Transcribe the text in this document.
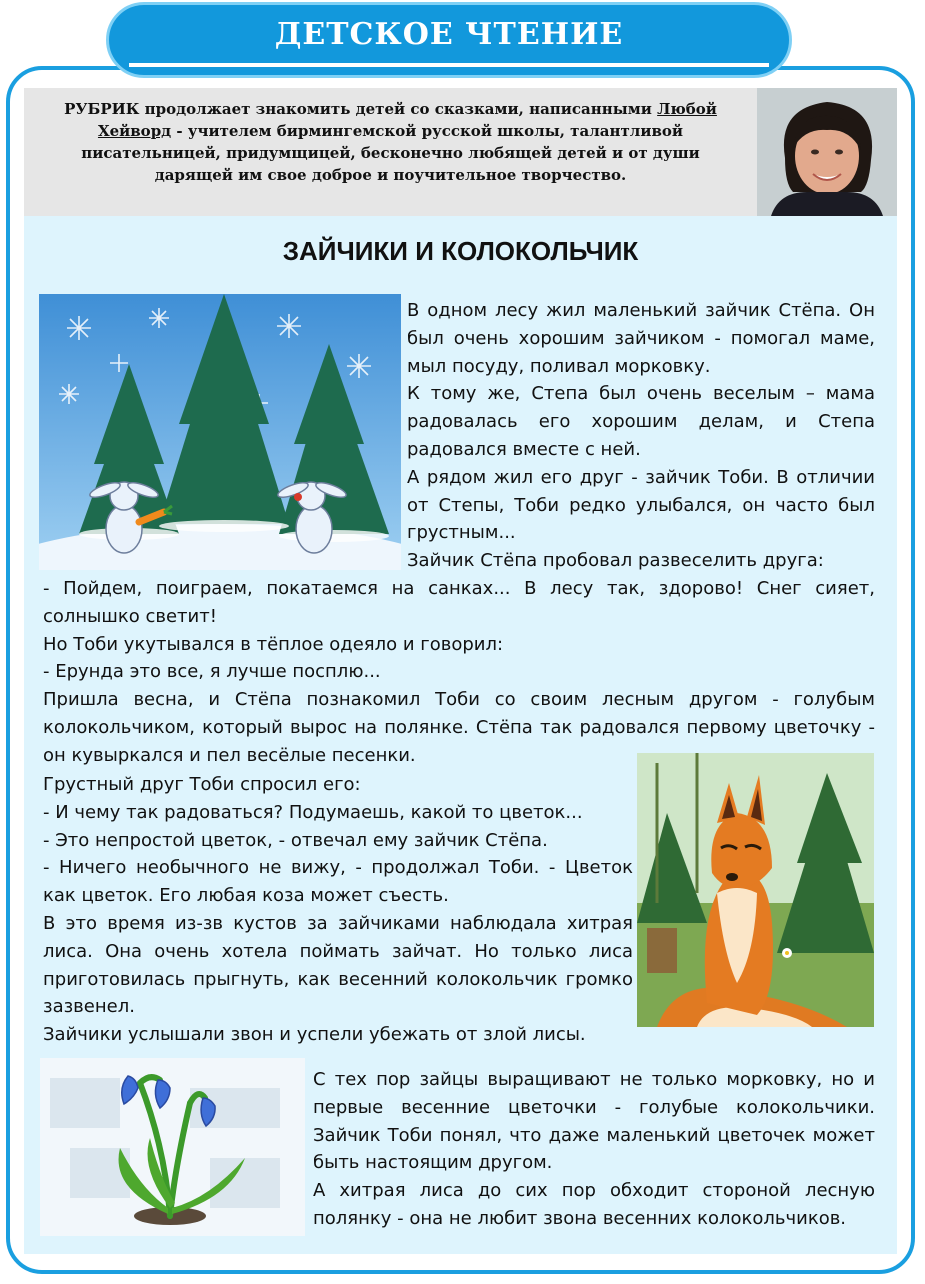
ДЕТСКОЕ ЧТЕНИЕ
РУБРИК продолжает знакомить детей со сказками, написанными Любой Хейворд - учителем бирмингемской русской школы, талантливой писательницей, придумщицей, бесконечно любящей детей и от души дарящей им свое доброе и поучительное творчество.
ЗАЙЧИКИ И КОЛОКОЛЬЧИК

В одном лесу жил маленький зайчик Стёпа. Он был очень хорошим зайчиком - помогал маме, мыл посуду, поливал морковку.

К тому же, Степа был очень веселым – мама радовалась его хорошим делам, и Степа радовался вместе с ней.

А рядом жил его друг - зайчик Тоби. В отличии от Степы, Тоби редко улыбался, он часто был грустным...

Зайчик Стёпа пробовал развеселить друга:

- Пойдем, поиграем, покатаемся на санках... В лесу так, здорово! Снег сияет, солнышко светит!

Но Тоби укутывался в тёплое одеяло и говорил:

- Ерунда это все, я лучше посплю...

Пришла весна, и Стёпа познакомил Тоби со своим лесным другом - голубым колокольчиком, который вырос на полянке. Стёпа так радовался первому цветочку - он кувыркался и пел весёлые песенки.

Грустный друг Тоби спросил его:

- И чему так радоваться? Подумаешь, какой то цветок...

- Это непростой цветок, - отвечал ему зайчик Стёпа.

- Ничего необычного не вижу, - продолжал Тоби. - Цветок как цветок. Его любая коза может съесть.

В это время из-зв кустов за зайчиками наблюдала хитрая лиса. Она очень хотела поймать зайчат. Но только лиса приготовилась прыгнуть, как весенний колокольчик громко зазвенел.

Зайчики услышали звон и успели убежать от злой лисы.

С тех пор зайцы выращивают не только морковку, но и первые весенние цветочки - голубые колокольчики. Зайчик Тоби понял, что даже маленький цветочек может быть настоящим другом.

А хитрая лиса до сих пор обходит стороной лесную полянку - она не любит звона весенних колокольчиков.
